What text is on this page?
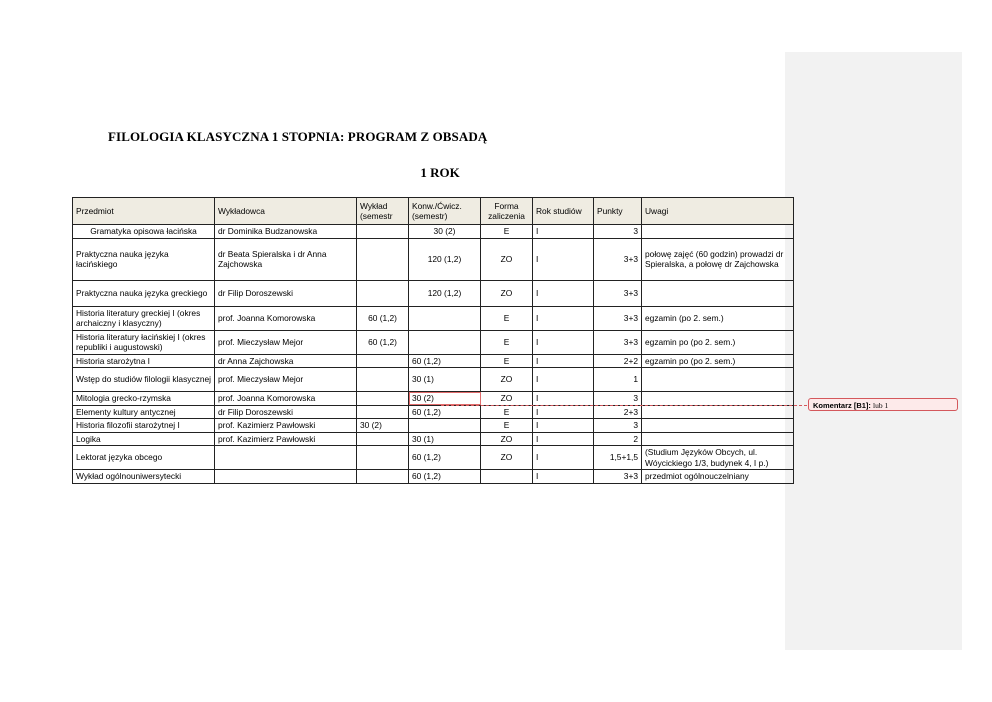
FILOLOGIA KLASYCZNA 1 STOPNIA: PROGRAM Z OBSADĄ
1 ROK
Przedmiot	Wykładowca	Wykład (semestr	Konw./Ćwicz. (semestr)	Forma zaliczenia	Rok studiów	Punkty	Uwagi
Gramatyka opisowa łacińska	dr Dominika Budzanowska		30 (2)	E	I	3	
Praktyczna nauka języka łacińskiego	dr Beata Spieralska i dr Anna Zajchowska		120 (1,2)	ZO	I	3+3	połowę zajęć (60 godzin) prowadzi dr Spieralska, a połowę dr Zajchowska
Praktyczna nauka języka greckiego	dr Filip Doroszewski		120 (1,2)	ZO	I	3+3	
Historia literatury greckiej I (okres archaiczny i klasyczny)	prof. Joanna Komorowska	60 (1,2)		E	I	3+3	egzamin (po 2. sem.)
Historia literatury łacińskiej I (okres republiki i augustowski)	prof. Mieczysław Mejor	60 (1,2)		E	I	3+3	egzamin po (po 2. sem.)
Historia starożytna I	dr Anna Zajchowska		60 (1,2)	E	I	2+2	egzamin po (po 2. sem.)
Wstęp do studiów filologii klasycznej	prof. Mieczysław Mejor		30 (1)	ZO	I	1	
Mitologia grecko-rzymska	prof. Joanna Komorowska		30 (2)	ZO	I	3	
Elementy kultury antycznej	dr Filip Doroszewski		60 (1,2)	E	I	2+3	
Historia filozofii starożytnej I	prof. Kazimierz Pawłowski	30 (2)		E	I	3	
Logika	prof. Kazimierz Pawłowski		30 (1)	ZO	I	2	
Lektorat języka obcego			60 (1,2)	ZO	I	1,5+1,5	(Studium Języków Obcych, ul. Wóycickiego 1/3, budynek 4, I p.)
Wykład ogólnouniwersytecki			60 (1,2)		I	3+3	przedmiot ogólnouczelniany
Komentarz [B1]: lub 1
